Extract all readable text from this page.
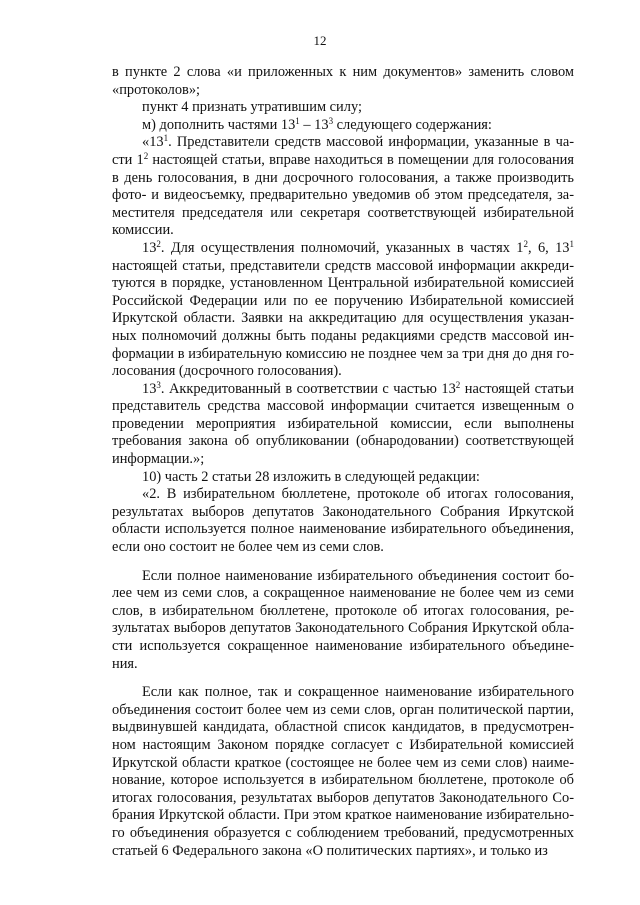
12

в пункте 2 слова «и приложенных к ним документов» заменить словом «протоколов»;

пункт 4 признать утратившим силу;

м) дополнить частями $13^1 - 13^3$ следующего содержания:

«$13^1$. Представители средств массовой информации, указанные в части $1^2$ настоящей статьи, вправе находиться в помещении для голосования в день голосования, в дни досрочного голосования, а также производить фото- и видеосъемку, предварительно уведомив об этом председателя, заместителя председателя или секретаря соответствующей избирательной комиссии.

$13^2$. Для осуществления полномочий, указанных в частях $1^2$, 6, $13^1$ настоящей статьи, представители средств массовой информации аккредитуются в порядке, установленном Центральной избирательной комиссией Российской Федерации или по ее поручению Избирательной комиссией Иркутской области. Заявки на аккредитацию для осуществления указанных полномочий должны быть поданы редакциями средств массовой информации в избирательную комиссию не позднее чем за три дня до дня голосования (досрочного голосования).

$13^3$. Аккредитованный в соответствии с частью $13^2$ настоящей статьи представитель средства массовой информации считается извещенным о проведении мероприятия избирательной комиссии, если выполнены требования закона об опубликовании (обнародовании) соответствующей информации.»;

10) часть 2 статьи 28 изложить в следующей редакции:

«2. В избирательном бюллетене, протоколе об итогах голосования, результатах выборов депутатов Законодательного Собрания Иркутской области используется полное наименование избирательного объединения, если оно состоит не более чем из семи слов.

Если полное наименование избирательного объединения состоит более чем из семи слов, а сокращенное наименование не более чем из семи слов, в избирательном бюллетене, протоколе об итогах голосования, результатах выборов депутатов Законодательного Собрания Иркутской области используется сокращенное наименование избирательного объединения.

Если как полное, так и сокращенное наименование избирательного объединения состоит более чем из семи слов, орган политической партии, выдвинувшей кандидата, областной список кандидатов, в предусмотренном настоящим Законом порядке согласует с Избирательной комиссией Иркутской области краткое (состоящее не более чем из семи слов) наименование, которое используется в избирательном бюллетене, протоколе об итогах голосования, результатах выборов депутатов Законодательного Собрания Иркутской области. При этом краткое наименование избирательного объединения образуется с соблюдением требований, предусмотренных статьей 6 Федерального закона «О политических партиях», и только из
